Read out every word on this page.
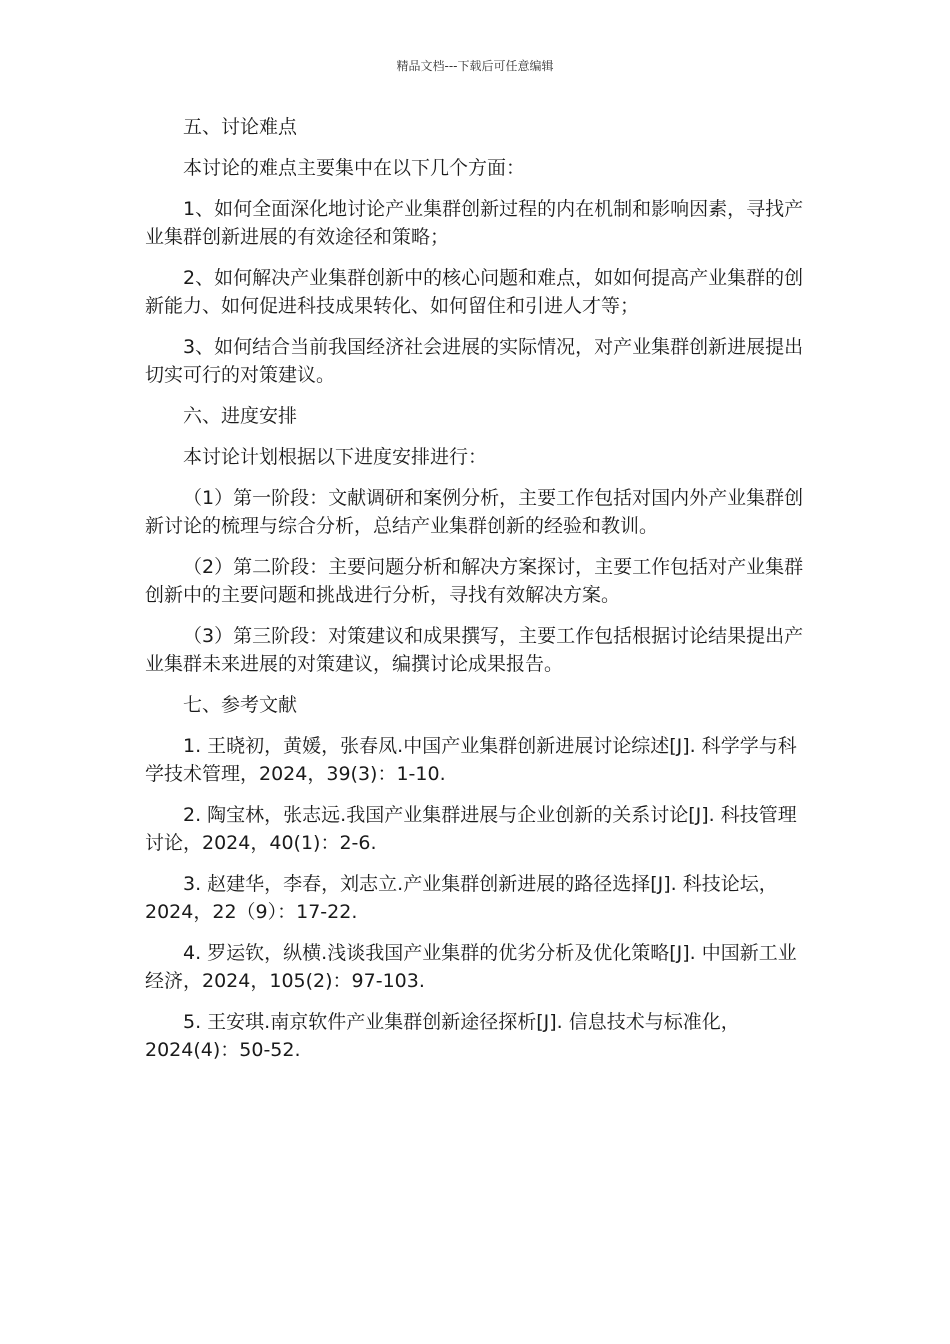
精品文档---下载后可任意编辑

五、讨论难点

本讨论的难点主要集中在以下几个方面：

1、如何全面深化地讨论产业集群创新过程的内在机制和影响因素，寻找产业集群创新进展的有效途径和策略；

2、如何解决产业集群创新中的核心问题和难点，如如何提高产业集群的创新能力、如何促进科技成果转化、如何留住和引进人才等；

3、如何结合当前我国经济社会进展的实际情况，对产业集群创新进展提出切实可行的对策建议。

六、进度安排

本讨论计划根据以下进度安排进行：

（1）第一阶段：文献调研和案例分析，主要工作包括对国内外产业集群创新讨论的梳理与综合分析，总结产业集群创新的经验和教训。

（2）第二阶段：主要问题分析和解决方案探讨，主要工作包括对产业集群创新中的主要问题和挑战进行分析，寻找有效解决方案。

（3）第三阶段：对策建议和成果撰写，主要工作包括根据讨论结果提出产业集群未来进展的对策建议，编撰讨论成果报告。

七、参考文献

1. 王晓初，黄媛，张春凤.中国产业集群创新进展讨论综述[J]. 科学学与科学技术管理，2024，39(3)：1-10.

2. 陶宝林，张志远.我国产业集群进展与企业创新的关系讨论[J]. 科技管理讨论，2024，40(1)：2-6.

3. 赵建华，李春，刘志立.产业集群创新进展的路径选择[J]. 科技论坛，2024，22（9）：17-22.

4. 罗运钦，纵横.浅谈我国产业集群的优劣分析及优化策略[J]. 中国新工业经济，2024，105(2)：97-103.

5. 王安琪.南京软件产业集群创新途径探析[J]. 信息技术与标准化，2024(4)：50-52.
